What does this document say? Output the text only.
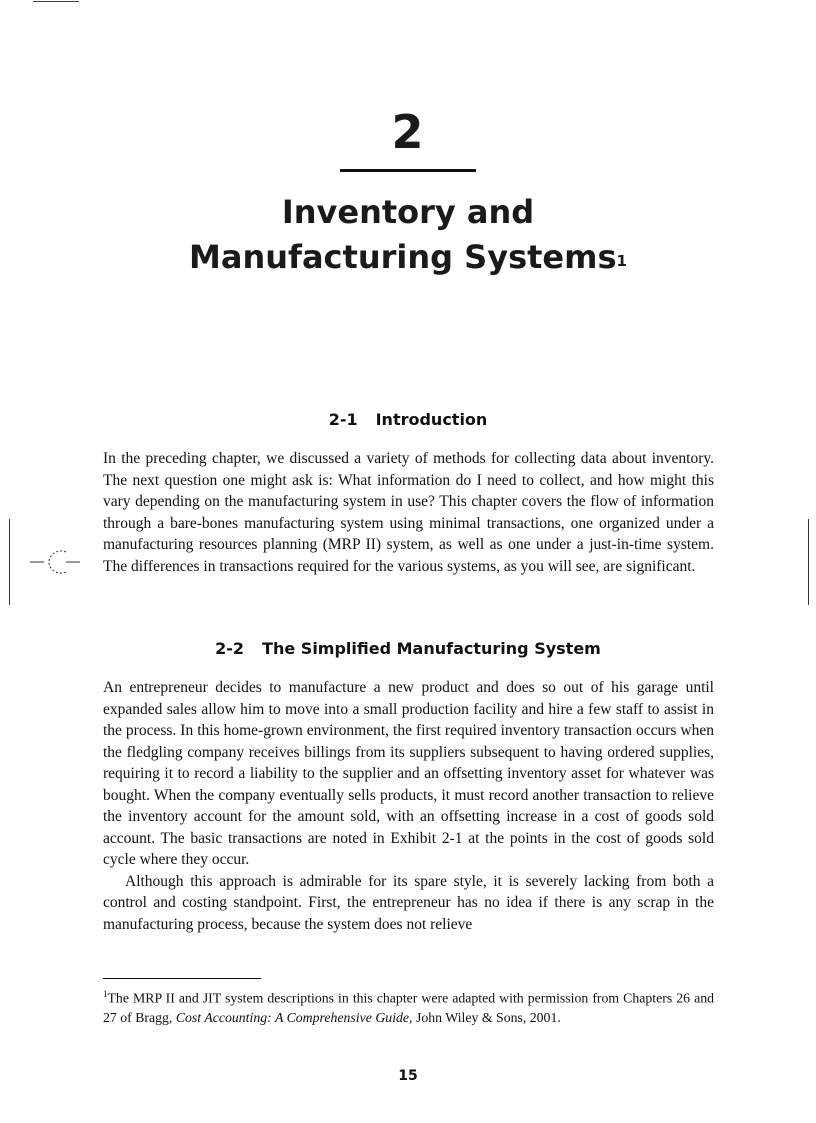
2
Inventory and
Manufacturing Systems$^1$
2-1 Introduction

In the preceding chapter, we discussed a variety of methods for collecting data about inventory. The next question one might ask is: What information do I need to collect, and how might this vary depending on the manufacturing system in use? This chapter covers the flow of information through a bare-bones manufacturing system using minimal transactions, one organized under a manufacturing resources planning (MRP II) system, as well as one under a just-in-time system. The differences in transactions required for the various systems, as you will see, are significant.

2-2 The Simplified Manufacturing System

An entrepreneur decides to manufacture a new product and does so out of his garage until expanded sales allow him to move into a small production facility and hire a few staff to assist in the process. In this home-grown environment, the first required inventory transaction occurs when the fledgling company receives billings from its suppliers subsequent to having ordered supplies, requiring it to record a liability to the supplier and an offsetting inventory asset for whatever was bought. When the company eventually sells products, it must record another transaction to relieve the inventory account for the amount sold, with an offsetting increase in a cost of goods sold account. The basic transactions are noted in Exhibit 2-1 at the points in the cost of goods sold cycle where they occur.

Although this approach is admirable for its spare style, it is severely lacking from both a control and costing standpoint. First, the entrepreneur has no idea if there is any scrap in the manufacturing process, because the system does not relieve

$^1$The MRP II and JIT system descriptions in this chapter were adapted with permission from Chapters 26 and 27 of Bragg, Cost Accounting: A Comprehensive Guide, John Wiley & Sons, 2001.
15
